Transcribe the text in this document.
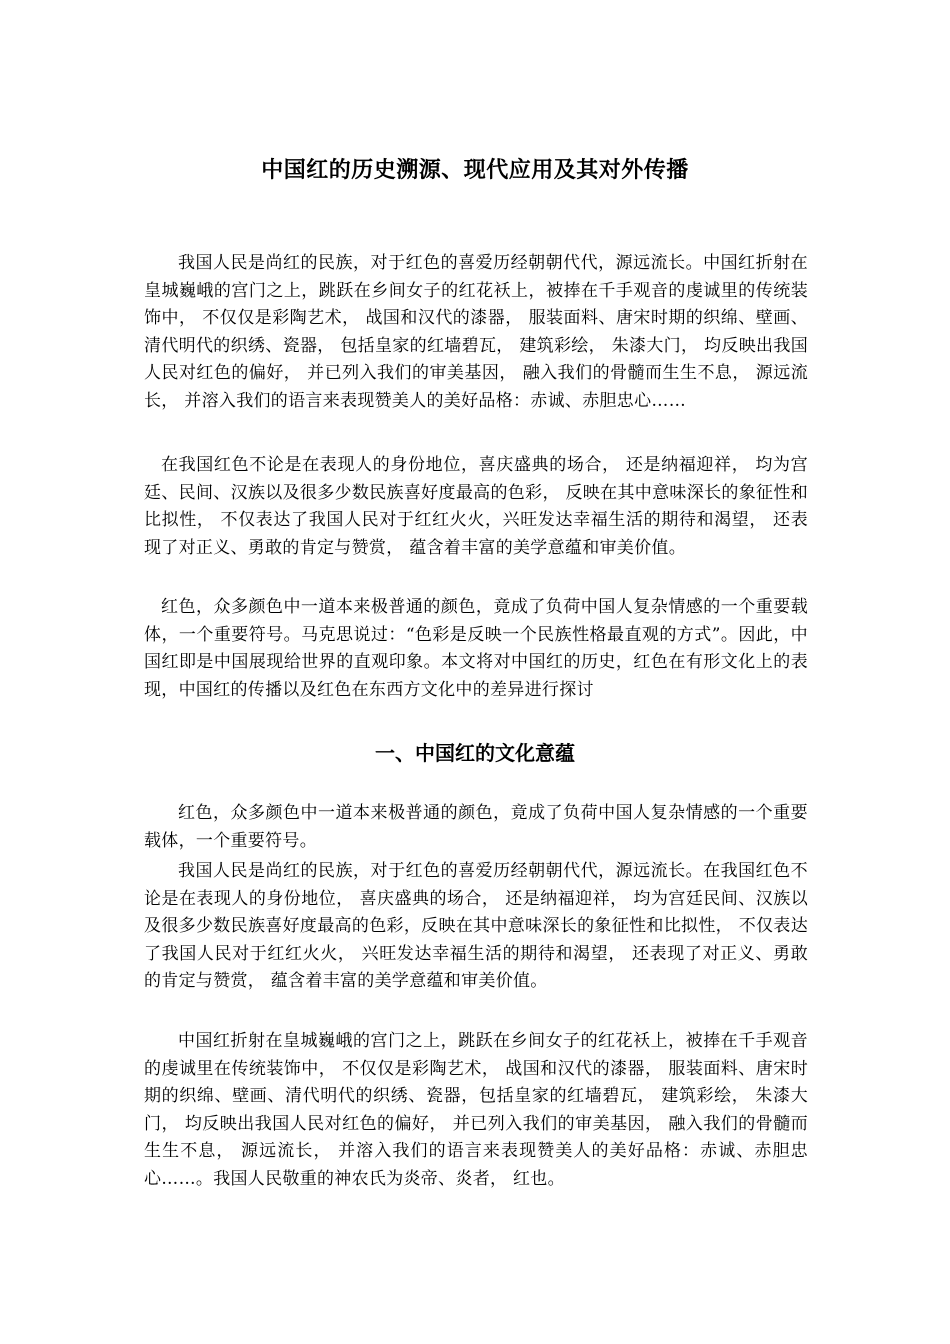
中国红的历史溯源、现代应用及其对外传播

我国人民是尚红的民族，对于红色的喜爱历经朝朝代代，源远流长。中国红折射在皇城巍峨的宫门之上，跳跃在乡间女子的红花袄上，被捧在千手观音的虔诚里的传统装饰中， 不仅仅是彩陶艺术， 战国和汉代的漆器， 服装面料、唐宋时期的织绵、壁画、清代明代的织绣、瓷器， 包括皇家的红墙碧瓦， 建筑彩绘， 朱漆大门， 均反映出我国人民对红色的偏好， 并已列入我们的审美基因， 融入我们的骨髓而生生不息， 源远流长， 并溶入我们的语言来表现赞美人的美好品格：赤诚、赤胆忠心……

在我国红色不论是在表现人的身份地位，喜庆盛典的场合， 还是纳福迎祥， 均为宫廷、民间、汉族以及很多少数民族喜好度最高的色彩， 反映在其中意味深长的象征性和比拟性， 不仅表达了我国人民对于红红火火，兴旺发达幸福生活的期待和渴望， 还表现了对正义、勇敢的肯定与赞赏， 蕴含着丰富的美学意蕴和审美价值。

红色，众多颜色中一道本来极普通的颜色，竟成了负荷中国人复杂情感的一个重要载体，一个重要符号。马克思说过：“色彩是反映一个民族性格最直观的方式”。因此，中国红即是中国展现给世界的直观印象。本文将对中国红的历史，红色在有形文化上的表现，中国红的传播以及红色在东西方文化中的差异进行探讨

一、中国红的文化意蕴

红色，众多颜色中一道本来极普通的颜色，竟成了负荷中国人复杂情感的一个重要载体，一个重要符号。

我国人民是尚红的民族，对于红色的喜爱历经朝朝代代，源远流长。在我国红色不论是在表现人的身份地位， 喜庆盛典的场合， 还是纳福迎祥， 均为宫廷民间、汉族以及很多少数民族喜好度最高的色彩，反映在其中意味深长的象征性和比拟性， 不仅表达了我国人民对于红红火火， 兴旺发达幸福生活的期待和渴望， 还表现了对正义、勇敢的肯定与赞赏， 蕴含着丰富的美学意蕴和审美价值。

中国红折射在皇城巍峨的宫门之上，跳跃在乡间女子的红花袄上，被捧在千手观音的虔诚里在传统装饰中， 不仅仅是彩陶艺术， 战国和汉代的漆器， 服装面料、唐宋时期的织绵、壁画、清代明代的织绣、瓷器，包括皇家的红墙碧瓦， 建筑彩绘， 朱漆大门， 均反映出我国人民对红色的偏好， 并已列入我们的审美基因， 融入我们的骨髓而生生不息， 源远流长， 并溶入我们的语言来表现赞美人的美好品格：赤诚、赤胆忠心……。我国人民敬重的神农氏为炎帝、炎者， 红也。
